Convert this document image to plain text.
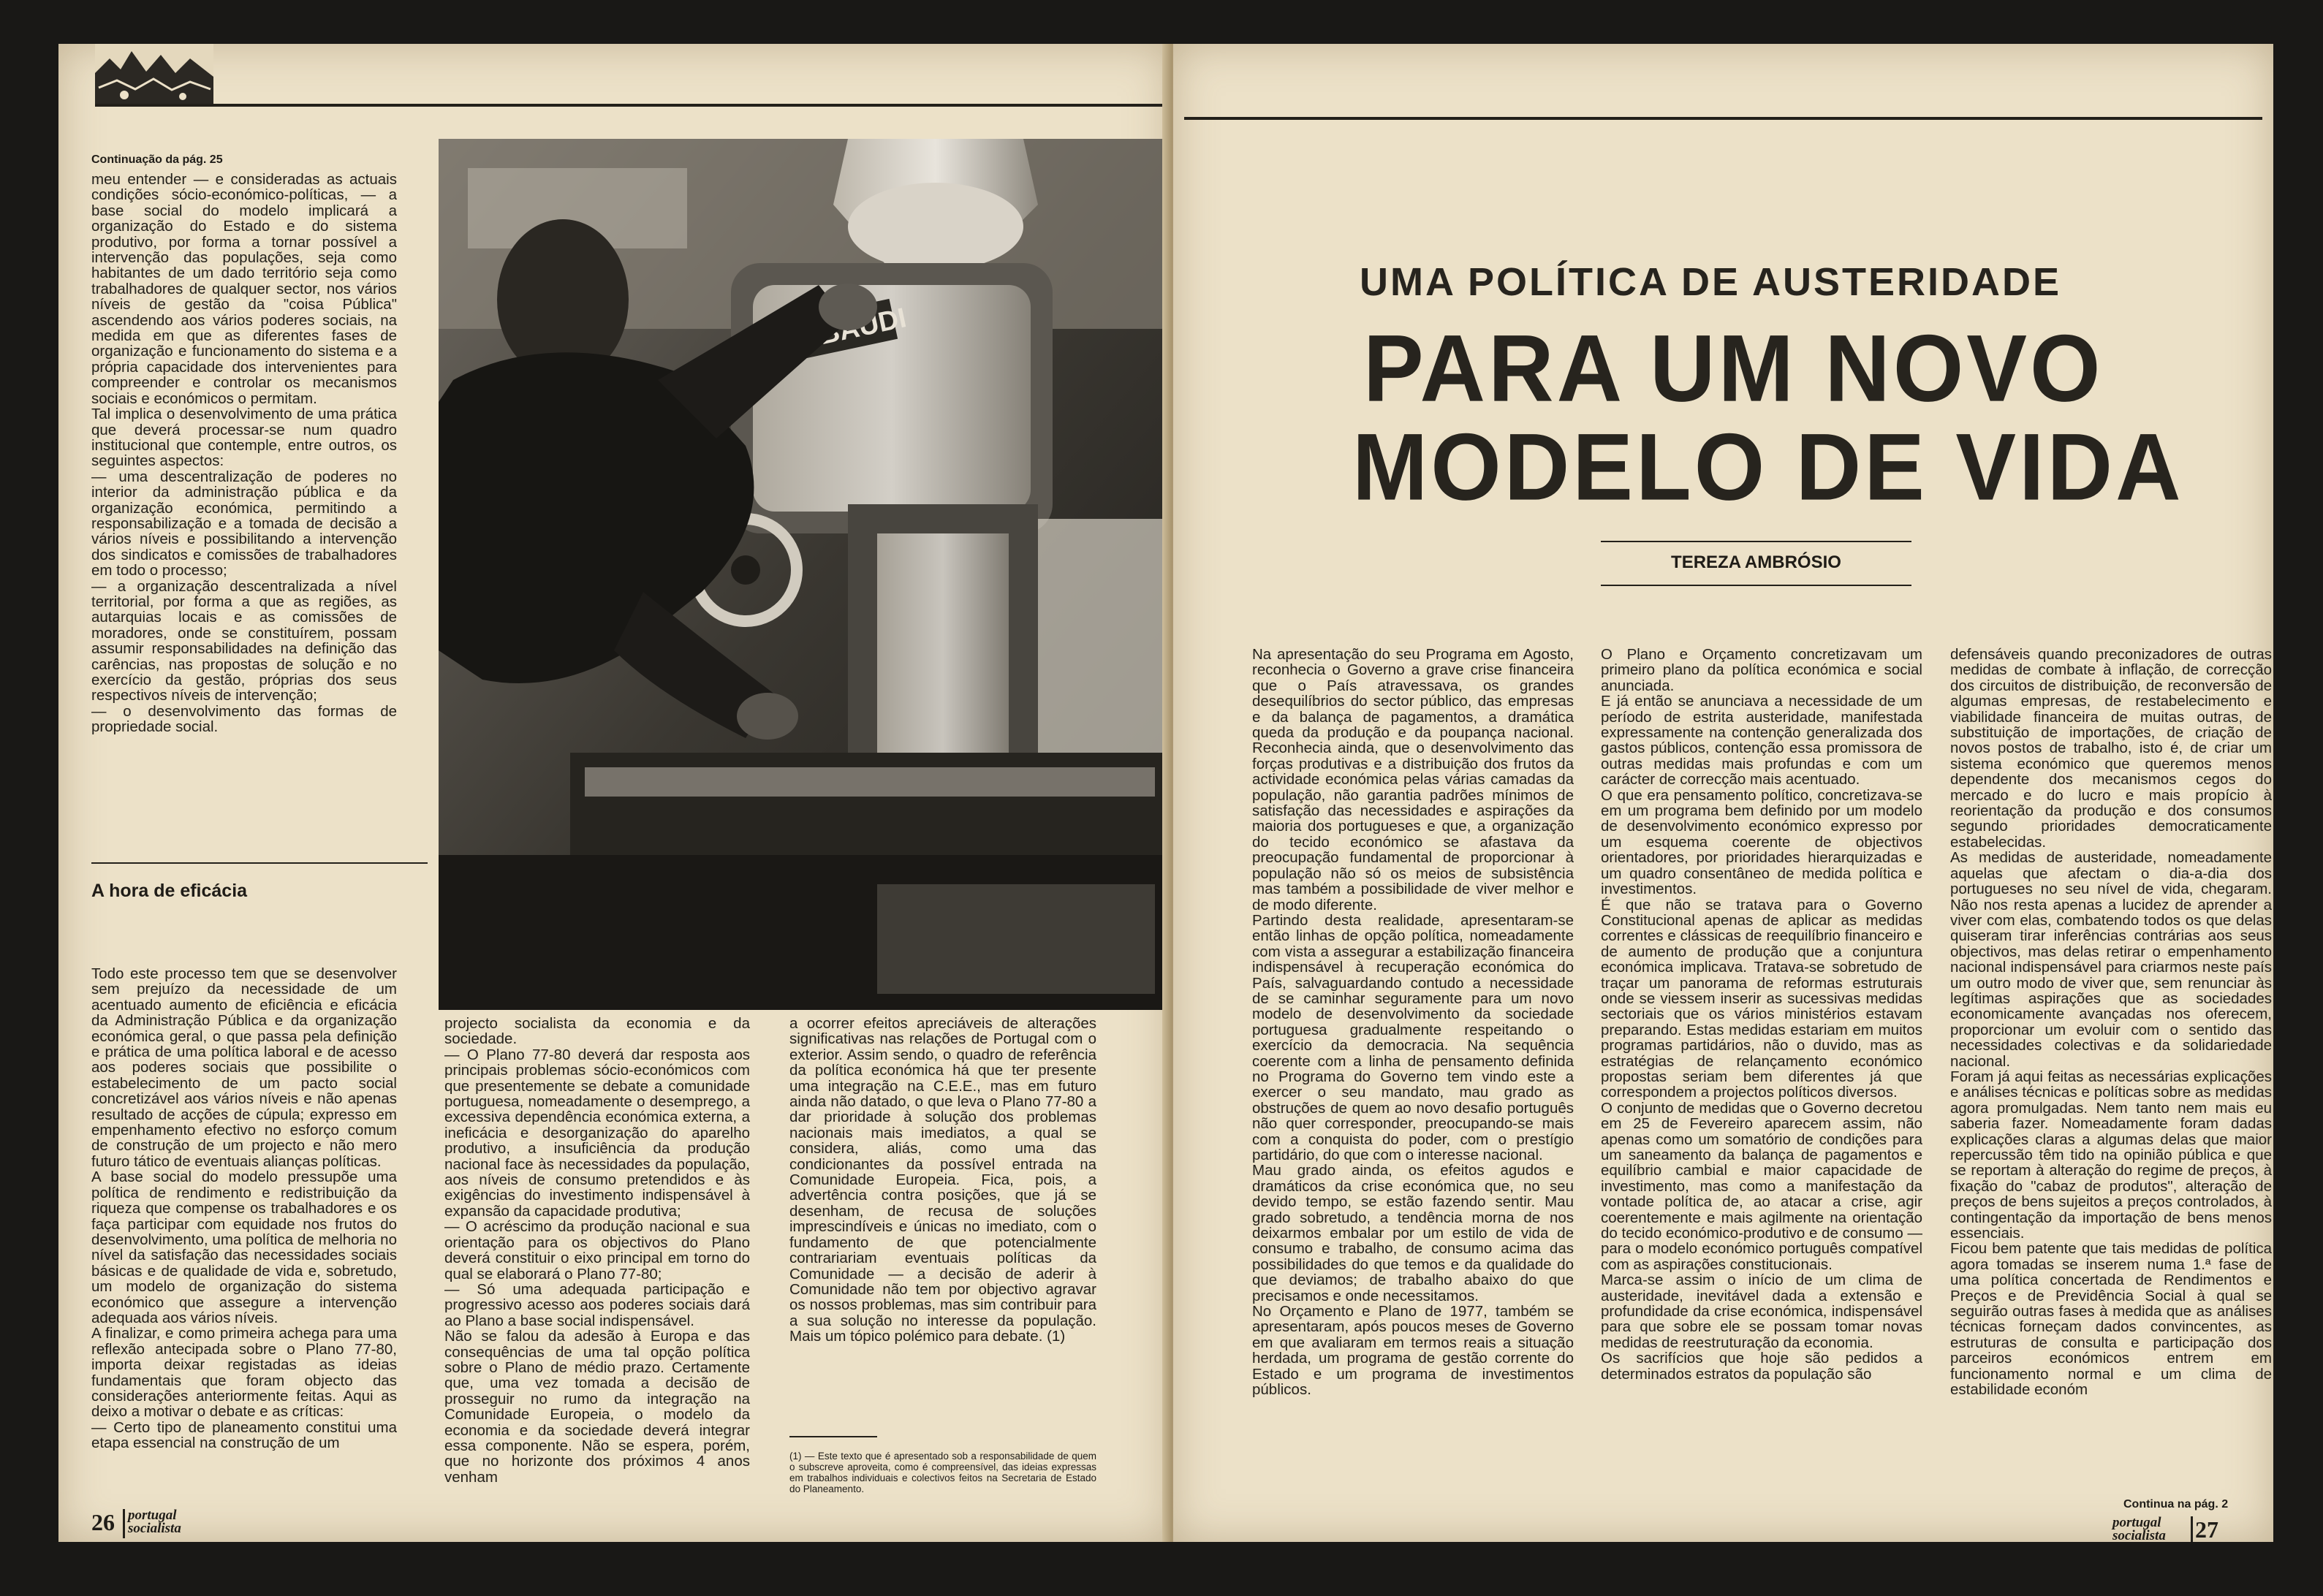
Continuação da pág. 25
meu entender — e consideradas as actuais condições sócio-económico-políticas, — a base social do modelo implicará a organização do Estado e do sistema produtivo, por forma a tornar possível a intervenção das populações, seja como habitantes de um dado território seja como trabalhadores de qualquer sector, nos vários níveis de gestão da "coisa Pública" ascendendo aos vários poderes sociais, na medida em que as diferentes fases de organização e funcionamento do sistema e a própria capacidade dos intervenientes para compreender e controlar os mecanismos sociais e económicos o permitam.
Tal implica o desenvolvimento de uma prática que deverá processar-se num quadro institucional que contemple, entre outros, os seguintes aspectos:
— uma descentralização de poderes no interior da administração pública e da organização económica, permitindo a responsabilização e a tomada de decisão a vários níveis e possibilitando a intervenção dos sindicatos e comissões de trabalhadores em todo o processo;
— a organização descentralizada a nível territorial, por forma a que as regiões, as autarquias locais e as comissões de moradores, onde se constituírem, possam assumir responsabilidades na definição das carências, nas propostas de solução e no exercício da gestão, próprias dos seus respectivos níveis de intervenção;
— o desenvolvimento das formas de propriedade social.
A hora de eficácia
Todo este processo tem que se desenvolver sem prejuízo da necessidade de um acentuado aumento de eficiência e eficácia da Administração Pública e da organização económica geral, o que passa pela definição e prática de uma política laboral e de acesso aos poderes sociais que possibilite o estabelecimento de um pacto social concretizável aos vários níveis e não apenas resultado de acções de cúpula; expresso em empenhamento efectivo no esforço comum de construção de um projecto e não mero futuro tático de eventuais alianças políticas.
A base social do modelo pressupõe uma política de rendimento e redistribuição da riqueza que compense os trabalhadores e os faça participar com equidade nos frutos do desenvolvimento, uma política de melhoria no nível da satisfação das necessidades sociais básicas e de qualidade de vida e, sobretudo, um modelo de organização do sistema económico que assegure a intervenção adequada aos vários níveis.
A finalizar, e como primeira achega para uma reflexão antecipada sobre o Plano 77-80, importa deixar registadas as ideias fundamentais que foram objecto das considerações anteriormente feitas. Aqui as deixo a motivar o debate e as críticas:
— Certo tipo de planeamento constitui uma etapa essencial na construção de um
projecto socialista da economia e da sociedade.
— O Plano 77-80 deverá dar resposta aos principais problemas sócio-económicos com que presentemente se debate a comunidade portuguesa, nomeadamente o desemprego, a excessiva dependência económica externa, a ineficácia e desorganização do aparelho produtivo, a insuficiência da produção nacional face às necessidades da população, aos níveis de consumo pretendidos e às exigências do investimento indispensável à expansão da capacidade produtiva;
— O acréscimo da produção nacional e sua orientação para os objectivos do Plano deverá constituir o eixo principal em torno do qual se elaborará o Plano 77-80;
— Só uma adequada participação e progressivo acesso aos poderes sociais dará ao Plano a base social indispensável.
Não se falou da adesão à Europa e das consequências de uma tal opção política sobre o Plano de médio prazo. Certamente que, uma vez tomada a decisão de prosseguir no rumo da integração na Comunidade Europeia, o modelo da economia e da sociedade deverá integrar essa componente. Não se espera, porém, que no horizonte dos próximos 4 anos venham
a ocorrer efeitos apreciáveis de alterações significativas nas relações de Portugal com o exterior. Assim sendo, o quadro de referência da política económica há que ter presente uma integração na C.E.E., mas em futuro ainda não datado, o que leva o Plano 77-80 a dar prioridade à solução dos problemas nacionais mais imediatos, a qual se considera, aliás, como uma das condicionantes da possível entrada na Comunidade Europeia. Fica, pois, a advertência contra posições, que já se desenham, de recusa de soluções imprescindíveis e únicas no imediato, com o fundamento de que potencialmente contrariariam eventuais políticas da Comunidade — a decisão de aderir à Comunidade não tem por objectivo agravar os nossos problemas, mas sim contribuir para a sua solução no interesse da população. Mais um tópico polémico para debate. (1)
(1) — Este texto que é apresentado sob a responsabilidade de quem o subscreve aproveita, como é compreensível, das ideias expressas em trabalhos individuais e colectivos feitos na Secretaria de Estado do Planeamento.
26 portugal
socialista
UMA POLÍTICA DE AUSTERIDADE
PARA UM NOVO
MODELO DE VIDA
TEREZA AMBRÓSIO
Na apresentação do seu Programa em Agosto, reconhecia o Governo a grave crise financeira que o País atravessava, os grandes desequilíbrios do sector público, das empresas e da balança de pagamentos, a dramática queda da produção e da poupança nacional. Reconhecia ainda, que o desenvolvimento das forças produtivas e a distribuição dos frutos da actividade económica pelas várias camadas da população, não garantia padrões mínimos de satisfação das necessidades e aspirações da maioria dos portugueses e que, a organização do tecido económico se afastava da preocupação fundamental de proporcionar à população não só os meios de subsistência mas também a possibilidade de viver melhor e de modo diferente.
Partindo desta realidade, apresentaram-se então linhas de opção política, nomeadamente com vista a assegurar a estabilização financeira indispensável à recuperação económica do País, salvaguardando contudo a necessidade de se caminhar seguramente para um novo modelo de desenvolvimento da sociedade portuguesa gradualmente respeitando o exercício da democracia. Na sequência coerente com a linha de pensamento definida no Programa do Governo tem vindo este a exercer o seu mandato, mau grado as obstruções de quem ao novo desafio português não quer corresponder, preocupando-se mais com a conquista do poder, com o prestígio partidário, do que com o interesse nacional.
Mau grado ainda, os efeitos agudos e dramáticos da crise económica que, no seu devido tempo, se estão fazendo sentir. Mau grado sobretudo, a tendência morna de nos deixarmos embalar por um estilo de vida de consumo e trabalho, de consumo acima das possibilidades do que temos e da qualidade do que deviamos; de trabalho abaixo do que precisamos e onde necessitamos.
No Orçamento e Plano de 1977, também se apresentaram, após poucos meses de Governo em que avaliaram em termos reais a situação herdada, um programa de gestão corrente do Estado e um programa de investimentos públicos.
O Plano e Orçamento concretizavam um primeiro plano da política económica e social anunciada.
E já então se anunciava a necessidade de um período de estrita austeridade, manifestada expressamente na contenção generalizada dos gastos públicos, contenção essa promissora de outras medidas mais profundas e com um carácter de correcção mais acentuado.
O que era pensamento político, concretizava-se em um programa bem definido por um modelo de desenvolvimento económico expresso por um esquema coerente de objectivos orientadores, por prioridades hierarquizadas e um quadro consentâneo de medida política e investimentos.
É que não se tratava para o Governo Constitucional apenas de aplicar as medidas correntes e clássicas de reequilíbrio financeiro e de aumento de produção que a conjuntura económica implicava. Tratava-se sobretudo de traçar um panorama de reformas estruturais onde se viessem inserir as sucessivas medidas sectoriais que os vários ministérios estavam preparando. Estas medidas estariam em muitos programas partidários, não o duvido, mas as estratégias de relançamento económico propostas seriam bem diferentes já que correspondem a projectos políticos diversos.
O conjunto de medidas que o Governo decretou em 25 de Fevereiro aparecem assim, não apenas como um somatório de condições para um saneamento da balança de pagamentos e equilíbrio cambial e maior capacidade de investimento, mas como a manifestação da vontade política de, ao atacar a crise, agir coerentemente e mais agilmente na orientação do tecido económico-produtivo e de consumo — para o modelo económico português compatível com as aspirações constitucionais.
Marca-se assim o início de um clima de austeridade, inevitável dada a extensão e profundidade da crise económica, indispensável para que sobre ele se possam tomar novas medidas de reestruturação da economia.
Os sacrifícios que hoje são pedidos a determinados estratos da população são
defensáveis quando preconizadores de outras medidas de combate à inflação, de correcção dos circuitos de distribuição, de reconversão de algumas empresas, de restabelecimento e viabilidade financeira de muitas outras, de substituição de importações, de criação de novos postos de trabalho, isto é, de criar um sistema económico que queremos menos dependente dos mecanismos cegos do mercado e do lucro e mais propício à reorientação da produção e dos consumos segundo prioridades democraticamente estabelecidas.
As medidas de austeridade, nomeadamente aquelas que afectam o dia-a-dia dos portugueses no seu nível de vida, chegaram. Não nos resta apenas a lucidez de aprender a viver com elas, combatendo todos os que delas quiseram tirar inferências contrárias aos seus objectivos, mas delas retirar o empenhamento nacional indispensável para criarmos neste país um outro modo de viver que, sem renunciar às legítimas aspirações que as sociedades economicamente avançadas nos oferecem, proporcionar um evoluir com o sentido das necessidades colectivas e da solidariedade nacional.
Foram já aqui feitas as necessárias explicações e análises técnicas e políticas sobre as medidas agora promulgadas. Nem tanto nem mais eu saberia fazer. Nomeadamente foram dadas explicações claras a algumas delas que maior repercussão têm tido na opinião pública e que se reportam à alteração do regime de preços, à fixação do "cabaz de produtos", alteração de preços de bens sujeitos a preços controlados, à contingentação da importação de bens menos essenciais.
Ficou bem patente que tais medidas de política agora tomadas se inserem numa 1.ª fase de uma política concertada de Rendimentos e Preços e de Previdência Social à qual se seguirão outras fases à medida que as análises técnicas forneçam dados convincentes, as estruturas de consulta e participação dos parceiros económicos entrem em funcionamento normal e um clima de estabilidade económ
Continua na pág. 2
portugal
socialista 27
